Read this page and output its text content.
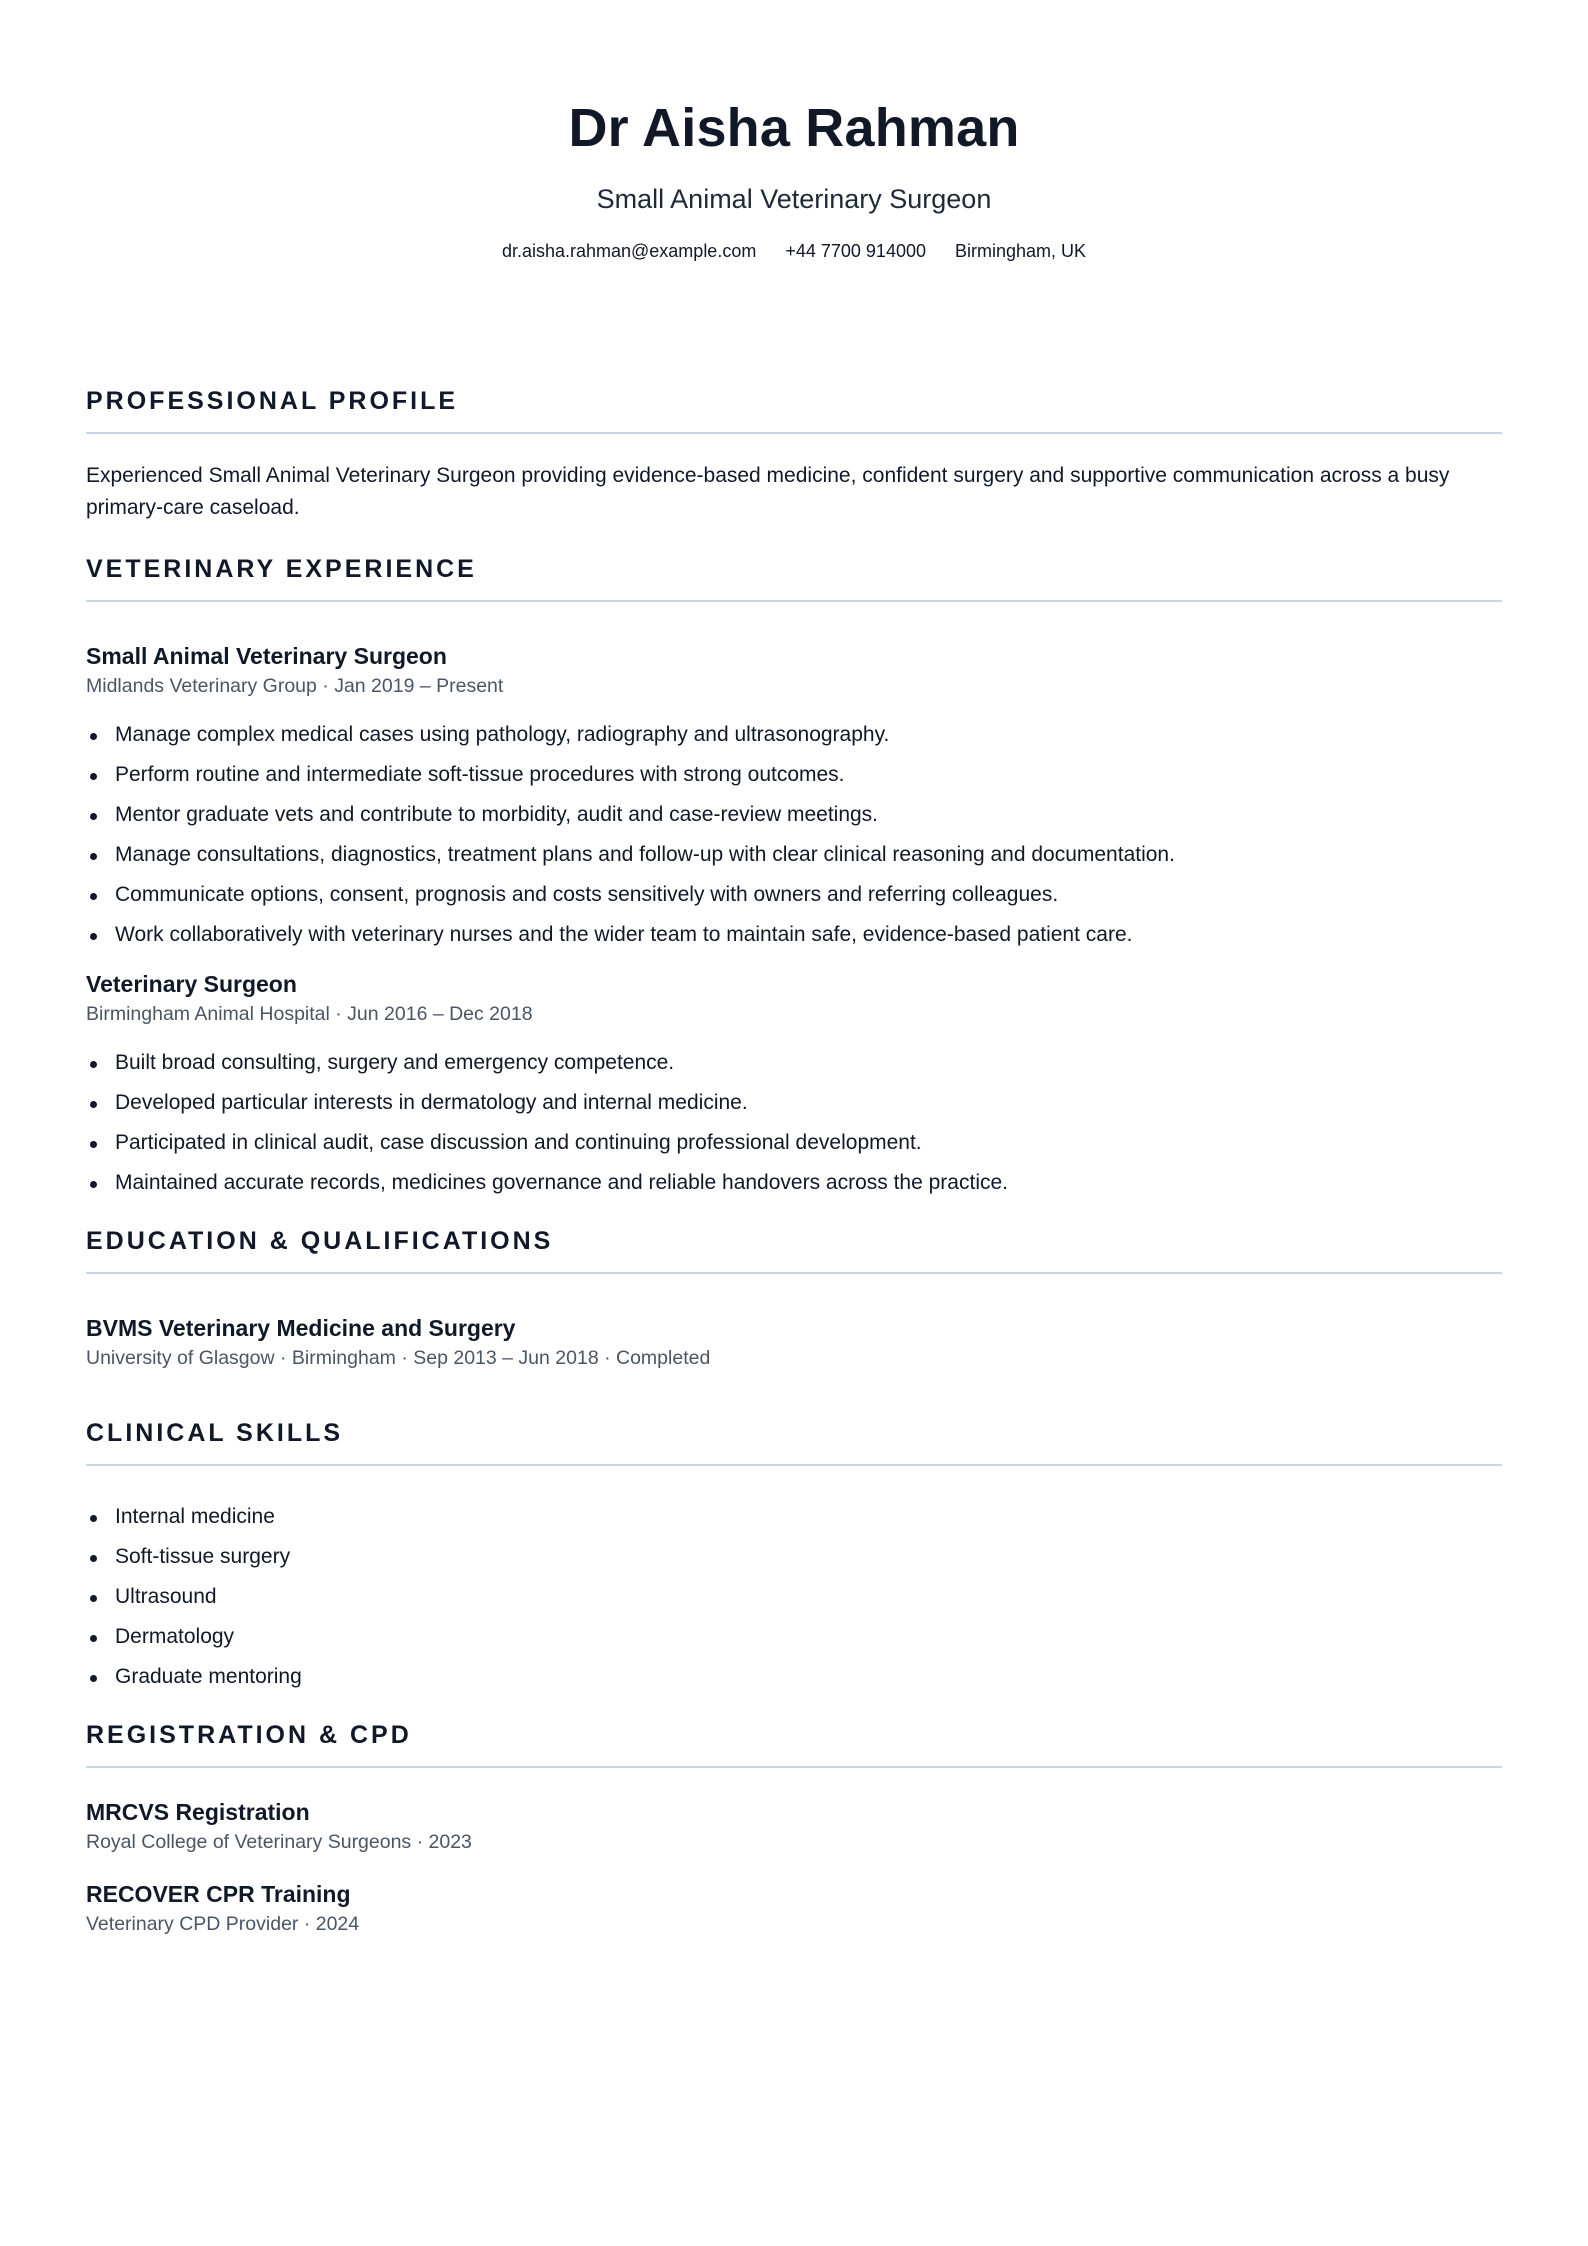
Dr Aisha Rahman
Small Animal Veterinary Surgeon
dr.aisha.rahman@example.com +44 7700 914000 Birmingham, UK
PROFESSIONAL PROFILE

Experienced Small Animal Veterinary Surgeon providing evidence-based medicine, confident surgery and supportive communication across a busy primary-care caseload.

VETERINARY EXPERIENCE
Small Animal Veterinary Surgeon
Midlands Veterinary Group · Jan 2019 – Present
Manage complex medical cases using pathology, radiography and ultrasonography.
Perform routine and intermediate soft-tissue procedures with strong outcomes.
Mentor graduate vets and contribute to morbidity, audit and case-review meetings.
Manage consultations, diagnostics, treatment plans and follow-up with clear clinical reasoning and documentation.
Communicate options, consent, prognosis and costs sensitively with owners and referring colleagues.
Work collaboratively with veterinary nurses and the wider team to maintain safe, evidence-based patient care.
Veterinary Surgeon
Birmingham Animal Hospital · Jun 2016 – Dec 2018
Built broad consulting, surgery and emergency competence.
Developed particular interests in dermatology and internal medicine.
Participated in clinical audit, case discussion and continuing professional development.
Maintained accurate records, medicines governance and reliable handovers across the practice.
EDUCATION & QUALIFICATIONS
BVMS Veterinary Medicine and Surgery
University of Glasgow · Birmingham · Sep 2013 – Jun 2018 · Completed
CLINICAL SKILLS
Internal medicine
Soft-tissue surgery
Ultrasound
Dermatology
Graduate mentoring
REGISTRATION & CPD
MRCVS Registration
Royal College of Veterinary Surgeons · 2023
RECOVER CPR Training
Veterinary CPD Provider · 2024
